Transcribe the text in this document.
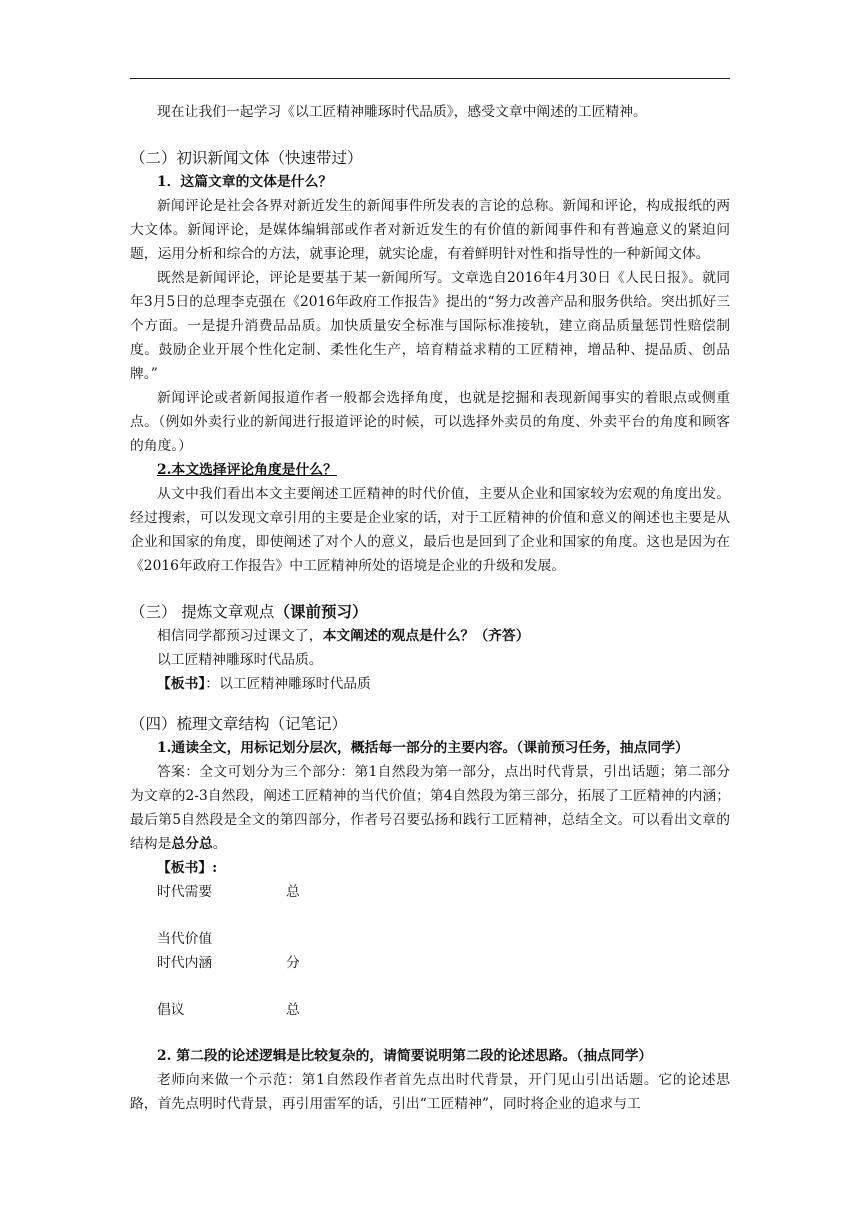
现在让我们一起学习《以工匠精神雕琢时代品质》，感受文章中阐述的工匠精神。

（二）初识新闻文体（快速带过）

1．这篇文章的文体是什么？

新闻评论是社会各界对新近发生的新闻事件所发表的言论的总称。新闻和评论，构成报纸的两大文体。新闻评论，是媒体编辑部或作者对新近发生的有价值的新闻事件和有普遍意义的紧迫问题，运用分析和综合的方法，就事论理，就实论虚，有着鲜明针对性和指导性的一种新闻文体。

既然是新闻评论，评论是要基于某一新闻所写。文章选自2016年4月30日《人民日报》。就同年3月5日的总理李克强在《2016年政府工作报告》提出的“努力改善产品和服务供给。突出抓好三个方面。一是提升消费品品质。加快质量安全标准与国际标准接轨，建立商品质量惩罚性赔偿制度。鼓励企业开展个性化定制、柔性化生产，培育精益求精的工匠精神，增品种、提品质、创品牌。”

新闻评论或者新闻报道作者一般都会选择角度，也就是挖掘和表现新闻事实的着眼点或侧重点。（例如外卖行业的新闻进行报道评论的时候，可以选择外卖员的角度、外卖平台的角度和顾客的角度。）

2.本文选择评论角度是什么？

从文中我们看出本文主要阐述工匠精神的时代价值，主要从企业和国家较为宏观的角度出发。经过搜索，可以发现文章引用的主要是企业家的话，对于工匠精神的价值和意义的阐述也主要是从企业和国家的角度，即使阐述了对个人的意义，最后也是回到了企业和国家的角度。这也是因为在《2016年政府工作报告》中工匠精神所处的语境是企业的升级和发展。

（三） 提炼文章观点（课前预习）

相信同学都预习过课文了，本文阐述的观点是什么？（齐答）

以工匠精神雕琢时代品质。

【板书】：以工匠精神雕琢时代品质

（四）梳理文章结构（记笔记）

1.通读全文，用标记划分层次，概括每一部分的主要内容。（课前预习任务，抽点同学）

答案：全文可划分为三个部分：第1自然段为第一部分，点出时代背景，引出话题；第二部分为文章的2-3自然段，阐述工匠精神的当代价值；第4自然段为第三部分，拓展了工匠精神的内涵；最后第5自然段是全文的第四部分，作者号召要弘扬和践行工匠精神，总结全文。可以看出文章的结构是总分总。

【板书】:

时代需要	总
当代价值
时代内涵	分
倡议	总

2. 第二段的论述逻辑是比较复杂的，请简要说明第二段的论述思路。（抽点同学）

老师向来做一个示范：第1自然段作者首先点出时代背景，开门见山引出话题。它的论述思路，首先点明时代背景，再引用雷军的话，引出“工匠精神”，同时将企业的追求与工
